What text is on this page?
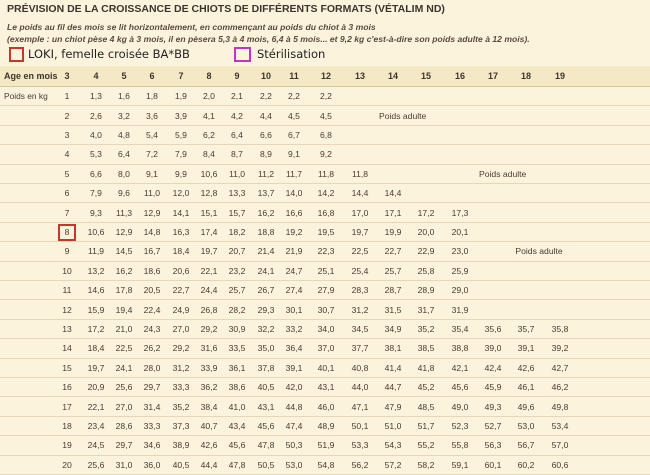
PRÉVISION DE LA CROISSANCE DE CHIOTS DE DIFFÉRENTS FORMATS (VÉTALIM ND)
Le poids au fil des mois se lit horizontalement, en commençant au poids du chiot à 3 mois
(exemple : un chiot pèse 4 kg à 3 mois, il en pèsera 5,3 à 4 mois, 6,4 à 5 mois... et 9,2 kg c'est-à-dire son poids adulte à 12 mois).
LOKI, femelle croisée BA*BB	Stérilisation
Age en mois 3	4	5	6	7	8	9	10	11	12	13	14	15	16	17	18	19
Poids en kg	1	1,3	1,6	1,8	1,9	2,0	2,1	2,2	2,2	2,2
2	2,6	3,2	3,6	3,9	4,1	4,2	4,4	4,5	4,5	Poids adulte
3	4,0	4,8	5,4	5,9	6,2	6,4	6,6	6,7	6,8
4	5,3	6,4	7,2	7,9	8,4	8,7	8,9	9,1	9,2
5	6,6	8,0	9,1	9,9	10,6	11,0	11,2	11,7	11,8	11,8	Poids adulte
6	7,9	9,6	11,0	12,0	12,8	13,3	13,7	14,0	14,2	14,4	14,4
7	9,3	11,3	12,9	14,1	15,1	15,7	16,2	16,6	16,8	17,0	17,1	17,2	17,3
8	10,6	12,9	14,8	16,3	17,4	18,2	18,8	19,2	19,5	19,7	19,9	20,0	20,1
9	11,9	14,5	16,7	18,4	19,7	20,7	21,4	21,9	22,3	22,5	22,7	22,9	23,0	Poids adulte
10	13,2	16,2	18,6	20,6	22,1	23,2	24,1	24,7	25,1	25,4	25,7	25,8	25,9
11	14,6	17,8	20,5	22,7	24,4	25,7	26,7	27,4	27,9	28,3	28,7	28,9	29,0
12	15,9	19,4	22,4	24,9	26,8	28,2	29,3	30,1	30,7	31,2	31,5	31,7	31,9
13	17,2	21,0	24,3	27,0	29,2	30,9	32,2	33,2	34,0	34,5	34,9	35,2	35,4	35,6	35,7	35,8
14	18,4	22,5	26,2	29,2	31,6	33,5	35,0	36,4	37,0	37,7	38,1	38,5	38,8	39,0	39,1	39,2
15	19,7	24,1	28,0	31,2	33,9	36,1	37,8	39,1	40,1	40,8	41,4	41,8	42,1	42,4	42,6	42,7
16	20,9	25,6	29,7	33,3	36,2	38,6	40,5	42,0	43,1	44,0	44,7	45,2	45,6	45,9	46,1	46,2
17	22,1	27,0	31,4	35,2	38,4	41,0	43,1	44,8	46,0	47,1	47,9	48,5	49,0	49,3	49,6	49,8
18	23,4	28,6	33,3	37,3	40,7	43,4	45,6	47,4	48,9	50,1	51,0	51,7	52,3	52,7	53,0	53,4
19	24,5	29,7	34,6	38,9	42,6	45,6	47,8	50,3	51,9	53,3	54,3	55,2	55,8	56,3	56,7	57,0
20	25,6	31,0	36,0	40,5	44,4	47,8	50,5	53,0	54,8	56,2	57,2	58,2	59,1	60,1	60,2	60,6
